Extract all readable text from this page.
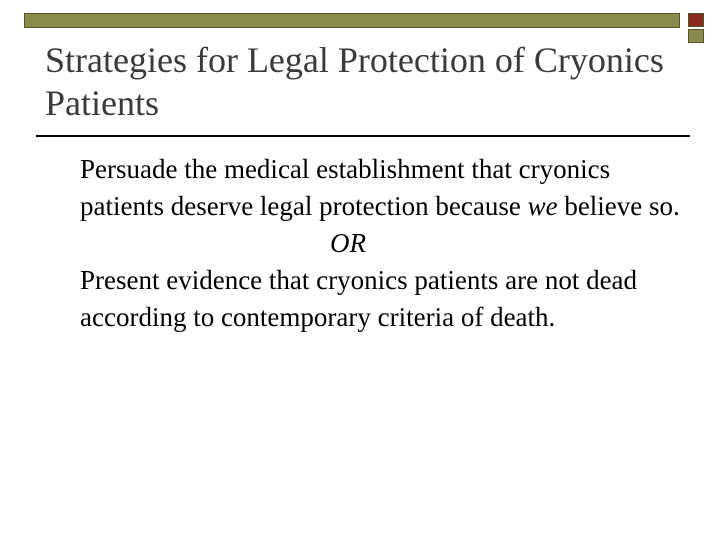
Strategies for Legal Protection of Cryonics Patients

Persuade the medical establishment that cryonics patients deserve legal protection because we believe so.

OR

Present evidence that cryonics patients are not dead according to contemporary criteria of death.
